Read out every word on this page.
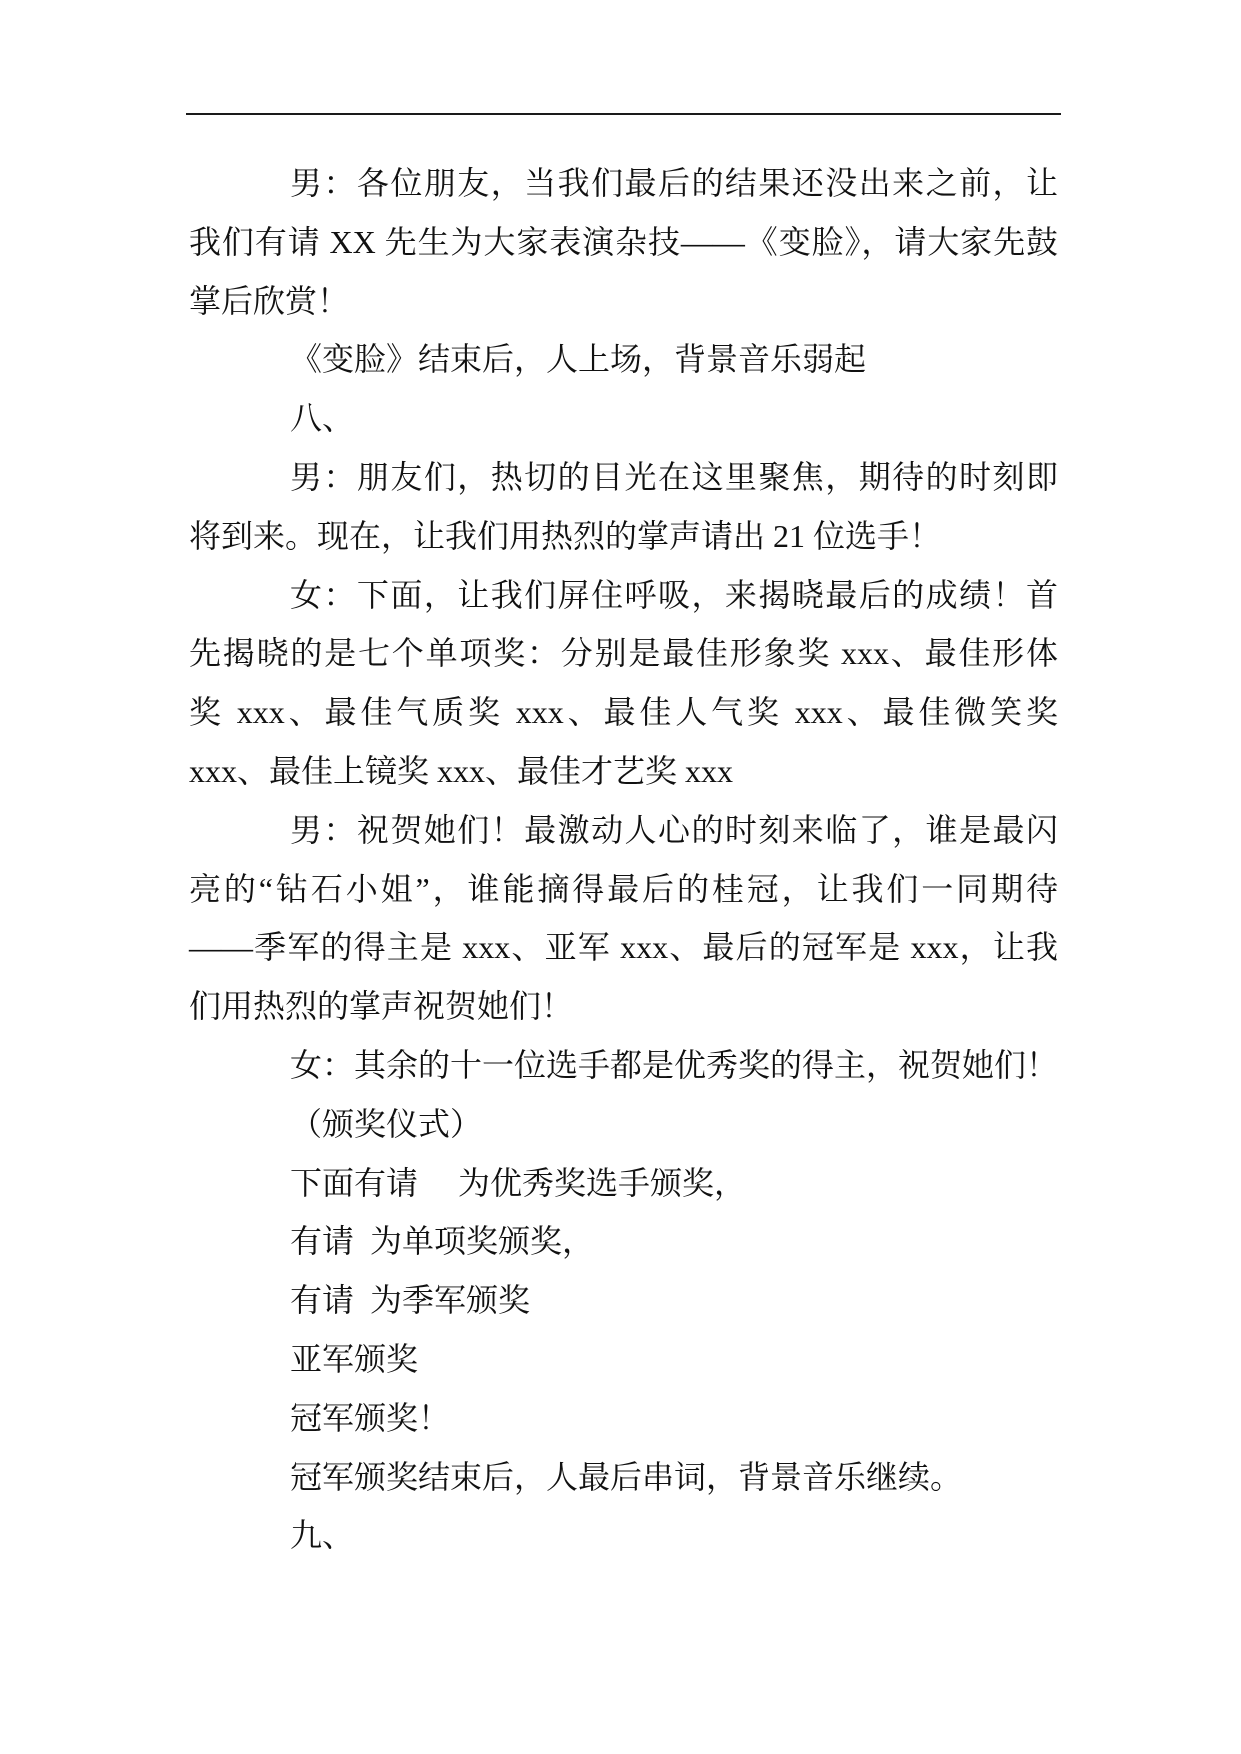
男：各位朋友，当我们最后的结果还没出来之前，让
我们有请 XX 先生为大家表演杂技——《变脸》，请大家先鼓
掌后欣赏！
《变脸》结束后，人上场，背景音乐弱起
八、
男：朋友们，热切的目光在这里聚焦，期待的时刻即
将到来。现在，让我们用热烈的掌声请出 21 位选手！
女：下面，让我们屏住呼吸，来揭晓最后的成绩！首
先揭晓的是七个单项奖：分别是最佳形象奖 xxx、最佳形体
奖 xxx、最佳气质奖 xxx、最佳人气奖 xxx、最佳微笑奖
xxx、最佳上镜奖 xxx、最佳才艺奖 xxx
男：祝贺她们！最激动人心的时刻来临了，谁是最闪
亮的“钻石小姐”，谁能摘得最后的桂冠，让我们一同期待
——季军的得主是 xxx、亚军 xxx、最后的冠军是 xxx，让我
们用热烈的掌声祝贺她们！
女：其余的十一位选手都是优秀奖的得主，祝贺她们！
（颁奖仪式）
下面有请     为优秀奖选手颁奖，
有请  为单项奖颁奖，
有请  为季军颁奖
亚军颁奖
冠军颁奖！
冠军颁奖结束后，人最后串词，背景音乐继续。
九、
